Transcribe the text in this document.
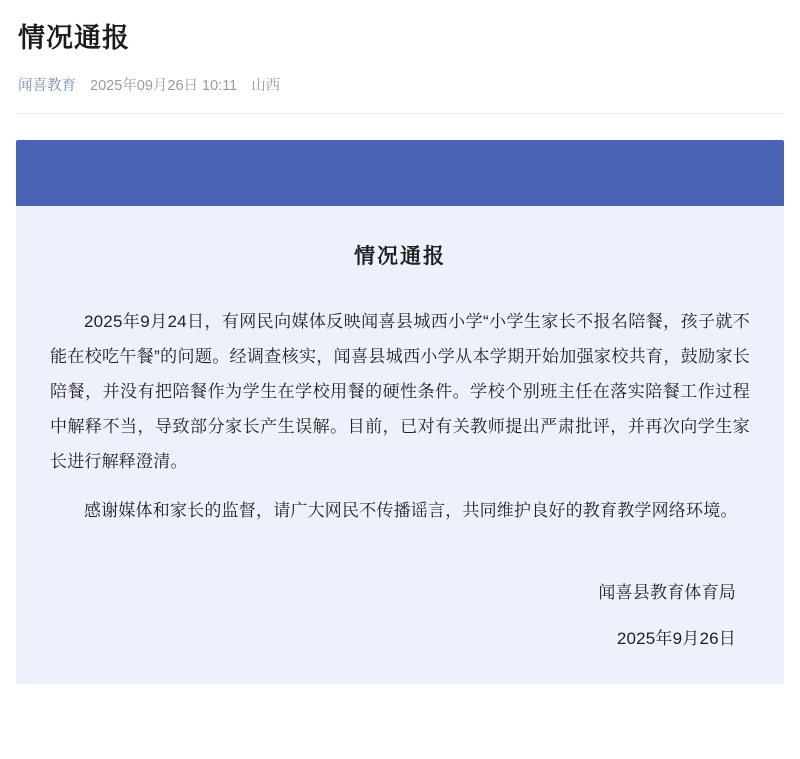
情况通报
闻喜教育 2025年09月26日 10:11 山西
情况通报

2025年9月24日，有网民向媒体反映闻喜县城西小学“小学生家长不报名陪餐，孩子就不能在校吃午餐”的问题。经调查核实，闻喜县城西小学从本学期开始加强家校共育，鼓励家长陪餐，并没有把陪餐作为学生在学校用餐的硬性条件。学校个别班主任在落实陪餐工作过程中解释不当，导致部分家长产生误解。目前，已对有关教师提出严肃批评，并再次向学生家长进行解释澄清。

感谢媒体和家长的监督，请广大网民不传播谣言，共同维护良好的教育教学网络环境。

闻喜县教育体育局
2025年9月26日
